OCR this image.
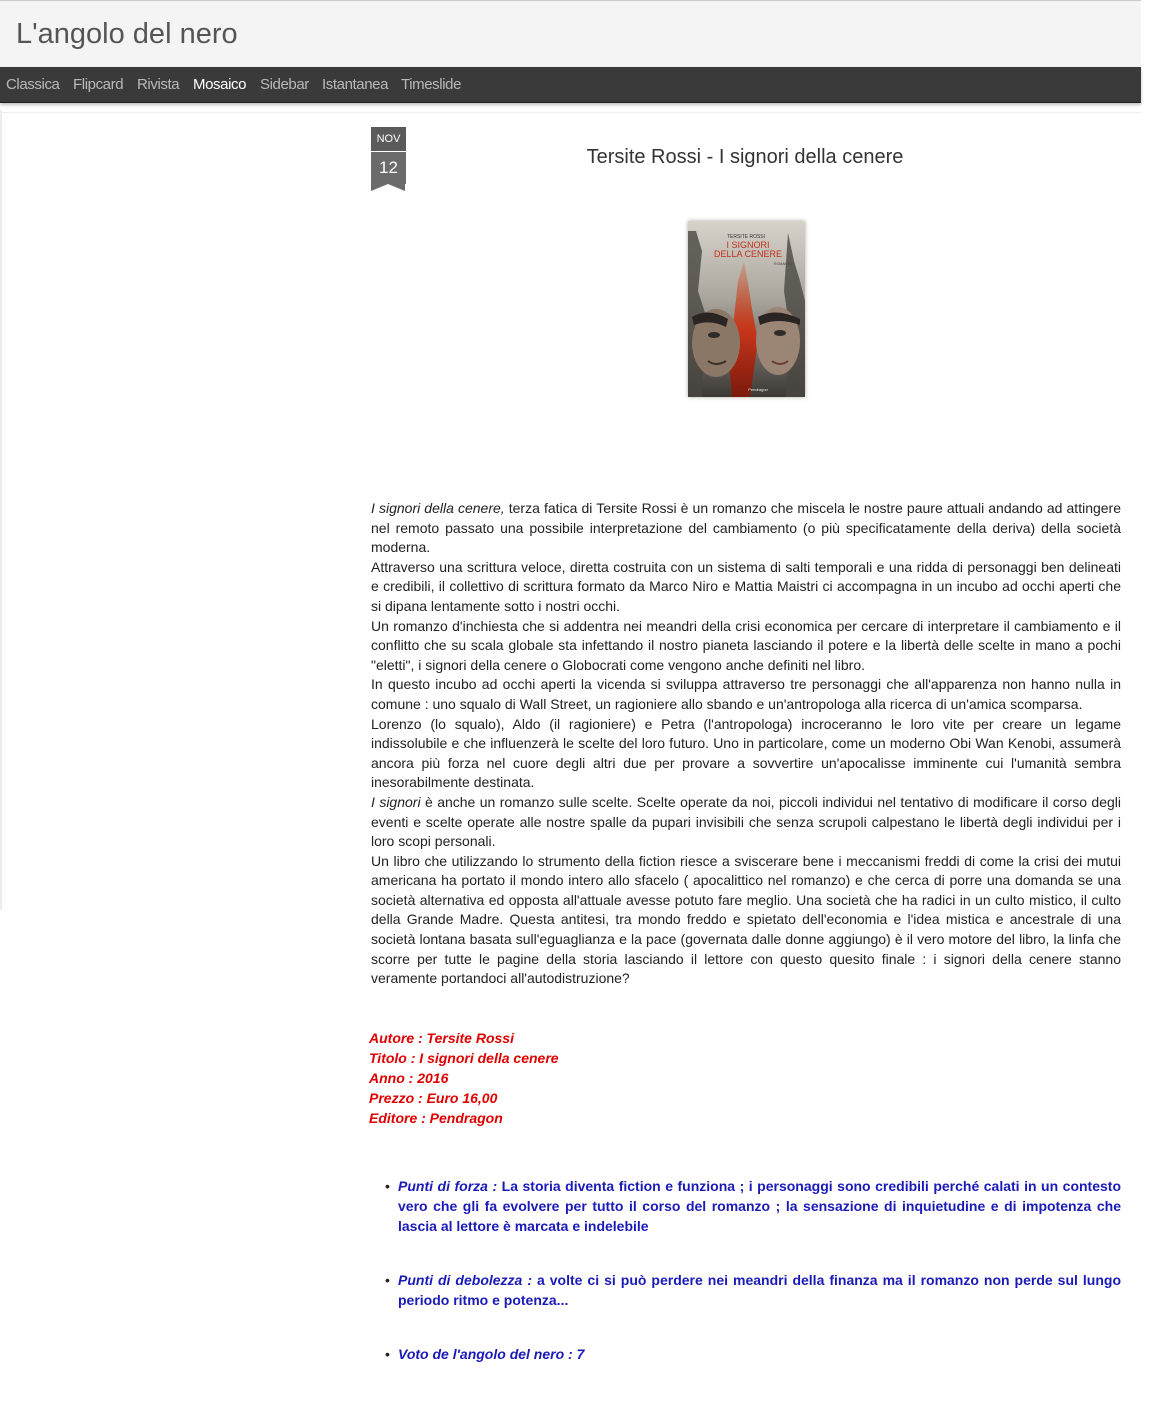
L'angolo del nero
Classica Flipcard Rivista Mosaico Sidebar Istantanea Timeslide
NOV
12	Tersite Rossi - I signori della cenere
TERSITE ROSSI
I SIGNORI
DELLA CENERE
ROMANZO
Pendragon

I signori della cenere, terza fatica di Tersite Rossi è un romanzo che miscela le nostre paure attuali andando ad attingere nel remoto passato una possibile interpretazione del cambiamento (o più specificatamente della deriva) della società moderna.

Attraverso una scrittura veloce, diretta costruita con un sistema di salti temporali e una ridda di personaggi ben delineati e credibili, il collettivo di scrittura formato da Marco Niro e Mattia Maistri ci accompagna in un incubo ad occhi aperti che si dipana lentamente sotto i nostri occhi.

Un romanzo d'inchiesta che si addentra nei meandri della crisi economica per cercare di interpretare il cambiamento e il conflitto che su scala globale sta infettando il nostro pianeta lasciando il potere e la libertà delle scelte in mano a pochi "eletti", i signori della cenere o Globocrati come vengono anche definiti nel libro.

In questo incubo ad occhi aperti la vicenda si sviluppa attraverso tre personaggi che all'apparenza non hanno nulla in comune : uno squalo di Wall Street, un ragioniere allo sbando e un'antropologa alla ricerca di un'amica scomparsa.

Lorenzo (lo squalo), Aldo (il ragioniere) e Petra (l'antropologa) incroceranno le loro vite per creare un legame indissolubile e che influenzerà le scelte del loro futuro. Uno in particolare, come un moderno Obi Wan Kenobi, assumerà ancora più forza nel cuore degli altri due per provare a sovvertire un'apocalisse imminente cui l'umanità sembra inesorabilmente destinata.

I signori è anche un romanzo sulle scelte. Scelte operate da noi, piccoli individui nel tentativo di modificare il corso degli eventi e scelte operate alle nostre spalle da pupari invisibili che senza scrupoli calpestano le libertà degli individui per i loro scopi personali.

Un libro che utilizzando lo strumento della fiction riesce a sviscerare bene i meccanismi freddi di come la crisi dei mutui americana ha portato il mondo intero allo sfacelo ( apocalittico nel romanzo) e che cerca di porre una domanda se una società alternativa ed opposta all'attuale avesse potuto fare meglio. Una società che ha radici in un culto mistico, il culto della Grande Madre. Questa antitesi, tra mondo freddo e spietato dell'economia e l'idea mistica e ancestrale di una società lontana basata sull'eguaglianza e la pace (governata dalle donne aggiungo) è il vero motore del libro, la linfa che scorre per tutte le pagine della storia lasciando il lettore con questo quesito finale : i signori della cenere stanno veramente portandoci all'autodistruzione?

Autore : Tersite Rossi
Titolo : I signori della cenere
Anno : 2016
Prezzo : Euro 16,00
Editore : Pendragon
• Punti di forza : La storia diventa fiction e funziona ; i personaggi sono credibili perché calati in un contesto vero che gli fa evolvere per tutto il corso del romanzo ; la sensazione di inquietudine e di impotenza che lascia al lettore è marcata e indelebile
• Punti di debolezza : a volte ci si può perdere nei meandri della finanza ma il romanzo non perde sul lungo periodo ritmo e potenza...
• Voto de l'angolo del nero : 7
